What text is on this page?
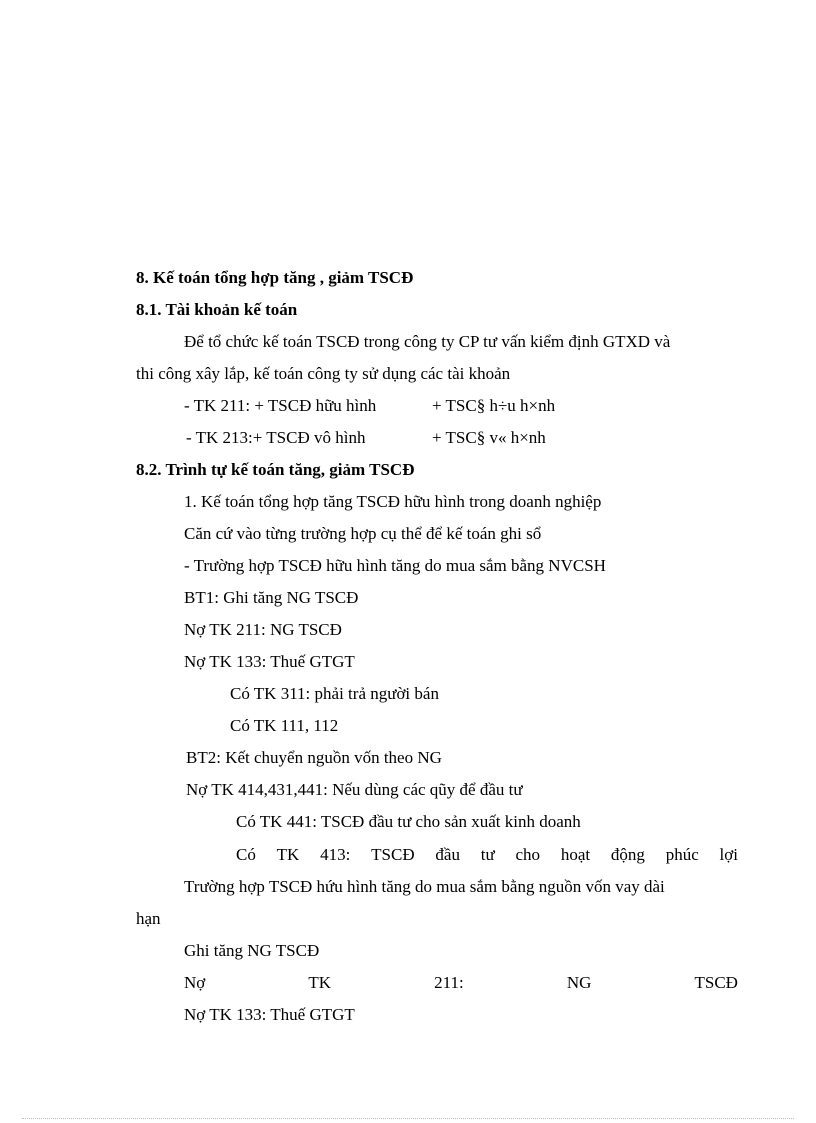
8. Kế toán tổng hợp tăng , giảm TSCĐ
8.1. Tài khoản kế toán
Để tổ chức kế toán TSCĐ trong công ty CP tư vấn kiểm định GTXD và
thi công xây lắp, kế toán công ty sử dụng các tài khoản
- TK 211: + TSCĐ hữu hình	+ TSC§ h÷u h×nh
- TK 213:+ TSCĐ vô hình	+ TSC§ v« h×nh
8.2. Trình tự kế toán tăng, giảm TSCĐ
1. Kế toán tổng hợp tăng TSCĐ hữu hình trong doanh nghiệp
Căn cứ vào từng trường hợp cụ thể để kế toán ghi sổ
- Trường hợp TSCĐ hữu hình tăng do mua sắm bằng NVCSH
BT1: Ghi tăng NG TSCĐ
Nợ TK 211: NG TSCĐ
Nợ TK 133: Thuế GTGT
Có TK 311: phải trả người bán
Có TK 111, 112
BT2: Kết chuyển nguồn vốn theo NG
Nợ TK 414,431,441: Nếu dùng các qũy để đầu tư
Có TK 441: TSCĐ đầu tư cho sản xuất kinh doanh
Có TK 413: TSCĐ đầu tư cho hoạt động phúc lợi
Trường hợp TSCĐ hứu hình tăng do mua sắm bằng nguồn vốn vay dài
hạn
Ghi tăng NG TSCĐ
Nợ	TK	211:	NG	TSCĐ
Nợ TK 133: Thuế GTGT
